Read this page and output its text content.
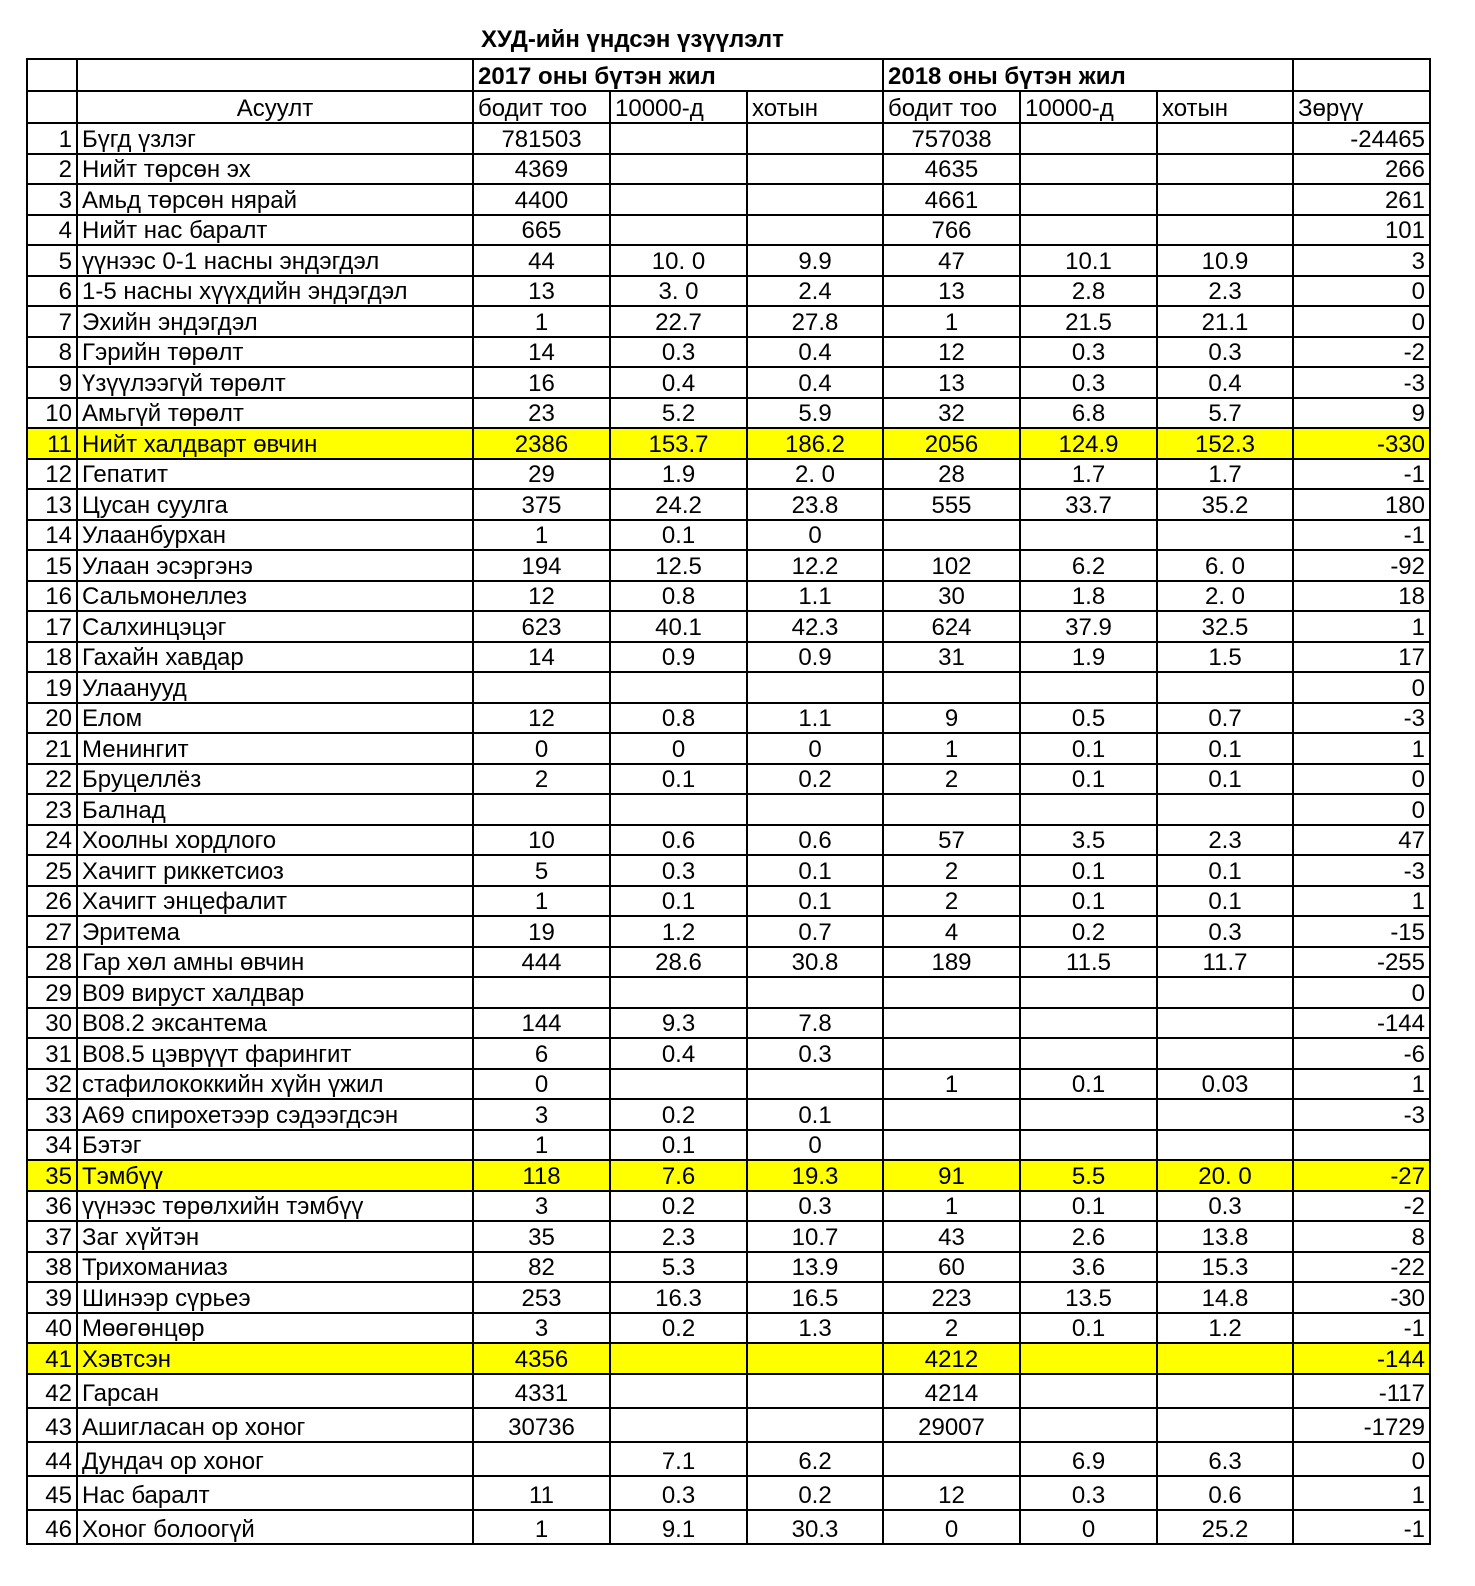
ХУД-ийн үндсэн үзүүлэлт
		2017 оны бүтэн жил			2018 оны бүтэн жил			
	Асуулт	бодит тоо	10000-д	хотын	бодит тоо	10000-д	хотын	Зөрүү
1	Бүгд үзлэг	781503			757038			-24465
2	Нийт төрсөн эх	4369			4635			266
3	Амьд төрсөн нярай	4400			4661			261
4	Нийт нас баралт	665			766			101
5	үүнээс 0-1 насны эндэгдэл	44	10. 0	9.9	47	10.1	10.9	3
6	1-5 насны хүүхдийн эндэгдэл	13	3. 0	2.4	13	2.8	2.3	0
7	Эхийн эндэгдэл	1	22.7	27.8	1	21.5	21.1	0
8	Гэрийн төрөлт	14	0.3	0.4	12	0.3	0.3	-2
9	Үзүүлээгүй төрөлт	16	0.4	0.4	13	0.3	0.4	-3
10	Амьгүй төрөлт	23	5.2	5.9	32	6.8	5.7	9
11	Нийт халдварт өвчин	2386	153.7	186.2	2056	124.9	152.3	-330
12	Гепатит	29	1.9	2. 0	28	1.7	1.7	-1
13	Цусан суулга	375	24.2	23.8	555	33.7	35.2	180
14	Улаанбурхан	1	0.1	0				-1
15	Улаан эсэргэнэ	194	12.5	12.2	102	6.2	6. 0	-92
16	Сальмонеллез	12	0.8	1.1	30	1.8	2. 0	18
17	Салхинцэцэг	623	40.1	42.3	624	37.9	32.5	1
18	Гахайн хавдар	14	0.9	0.9	31	1.9	1.5	17
19	Улаанууд							0
20	Елом	12	0.8	1.1	9	0.5	0.7	-3
21	Менингит	0	0	0	1	0.1	0.1	1
22	Бруцеллёз	2	0.1	0.2	2	0.1	0.1	0
23	Балнад							0
24	Хоолны хордлого	10	0.6	0.6	57	3.5	2.3	47
25	Хачигт риккетсиоз	5	0.3	0.1	2	0.1	0.1	-3
26	Хачигт энцефалит	1	0.1	0.1	2	0.1	0.1	1
27	Эритема	19	1.2	0.7	4	0.2	0.3	-15
28	Гар хөл амны өвчин	444	28.6	30.8	189	11.5	11.7	-255
29	В09 вируст халдвар							0
30	В08.2 эксантема	144	9.3	7.8				-144
31	В08.5 цэврүүт фарингит	6	0.4	0.3				-6
32	стафилококкийн хүйн үжил	0			1	0.1	0.03	1
33	А69 спирохетээр сэдээгдсэн	3	0.2	0.1				-3
34	Бэтэг	1	0.1	0				
35	Тэмбүү	118	7.6	19.3	91	5.5	20. 0	-27
36	үүнээс төрөлхийн тэмбүү	3	0.2	0.3	1	0.1	0.3	-2
37	Заг хүйтэн	35	2.3	10.7	43	2.6	13.8	8
38	Трихоманиаз	82	5.3	13.9	60	3.6	15.3	-22
39	Шинээр сүрьеэ	253	16.3	16.5	223	13.5	14.8	-30
40	Мөөгөнцөр	3	0.2	1.3	2	0.1	1.2	-1
41	Хэвтсэн	4356			4212			-144
42	Гарсан	4331			4214			-117
43	Ашигласан ор хоног	30736			29007			-1729
44	Дундач ор хоног		7.1	6.2		6.9	6.3	0
45	Нас баралт	11	0.3	0.2	12	0.3	0.6	1
46	Хоног болоогүй	1	9.1	30.3	0	0	25.2	-1
